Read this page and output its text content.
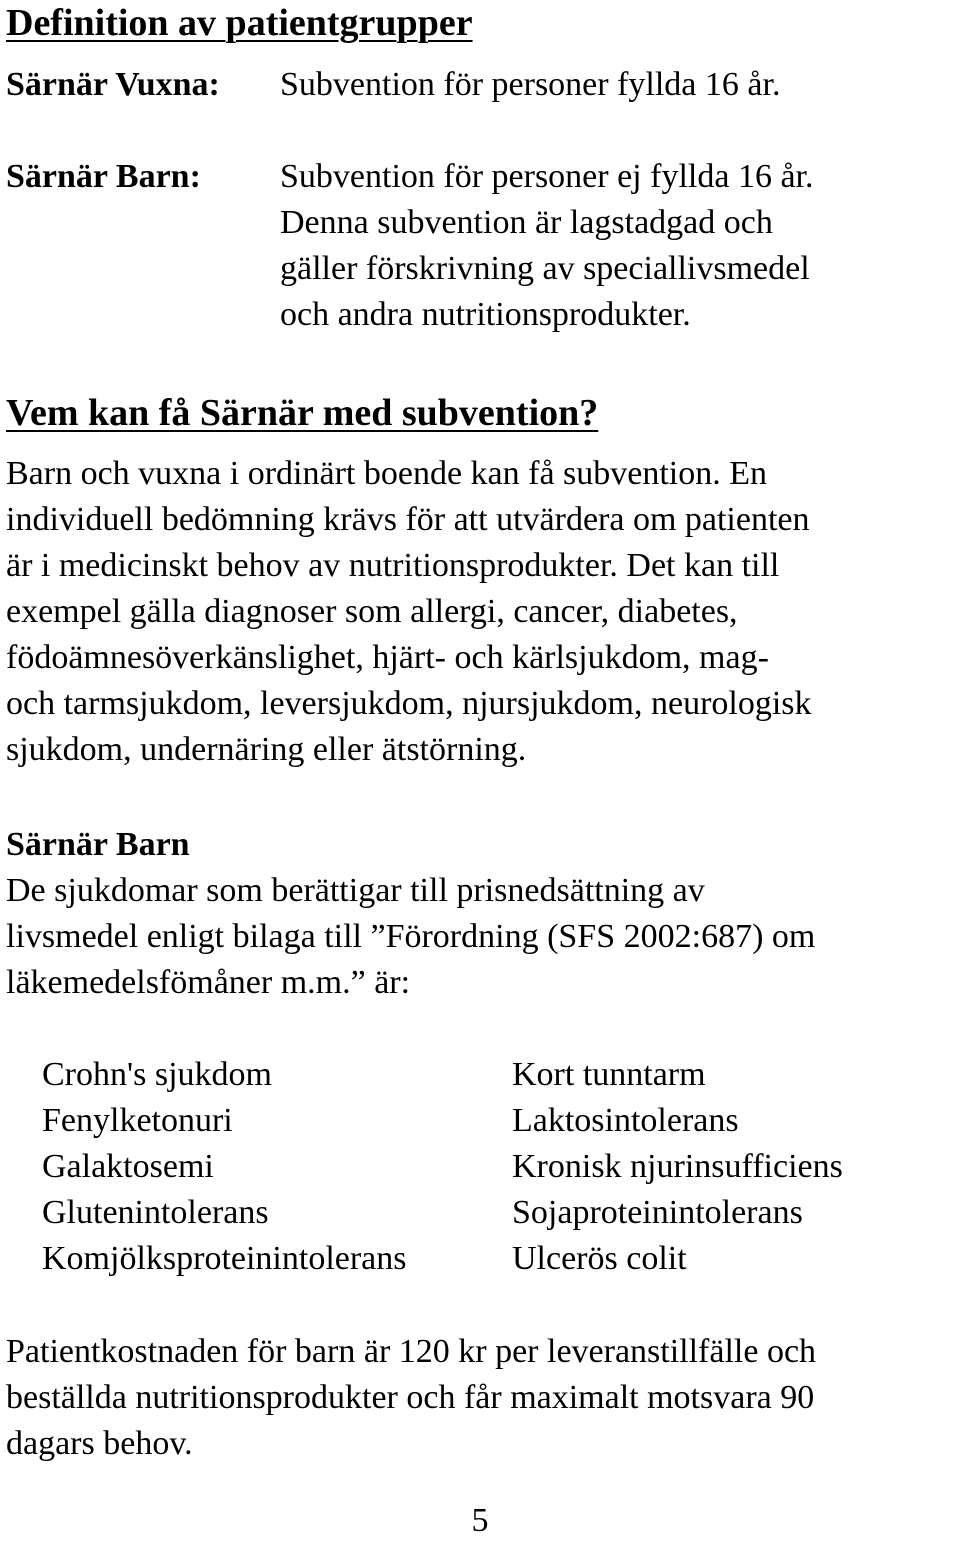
Definition av patientgrupper
Särnär Vuxna: Subvention för personer fyllda 16 år.
Särnär Barn: Subvention för personer ej fyllda 16 år.
Denna subvention är lagstadgad och
gäller förskrivning av speciallivsmedel
och andra nutritionsprodukter.
Vem kan få Särnär med subvention?
Barn och vuxna i ordinärt boende kan få subvention. En
individuell bedömning krävs för att utvärdera om patienten
är i medicinskt behov av nutritionsprodukter. Det kan till
exempel gälla diagnoser som allergi, cancer, diabetes,
födoämnesöverkänslighet, hjärt- och kärlsjukdom, mag-
och tarmsjukdom, leversjukdom, njursjukdom, neurologisk
sjukdom, undernäring eller ätstörning.
Särnär Barn
De sjukdomar som berättigar till prisnedsättning av
livsmedel enligt bilaga till ”Förordning (SFS 2002:687) om
läkemedelsfömåner m.m.” är:
Crohn's sjukdom
Fenylketonuri
Galaktosemi
Glutenintolerans
Komjölksproteinintolerans
Kort tunntarm
Laktosintolerans
Kronisk njurinsufficiens
Sojaproteinintolerans
Ulcerös colit
Patientkostnaden för barn är 120 kr per leveranstillfälle och
beställda nutritionsprodukter och får maximalt motsvara 90
dagars behov.
5
